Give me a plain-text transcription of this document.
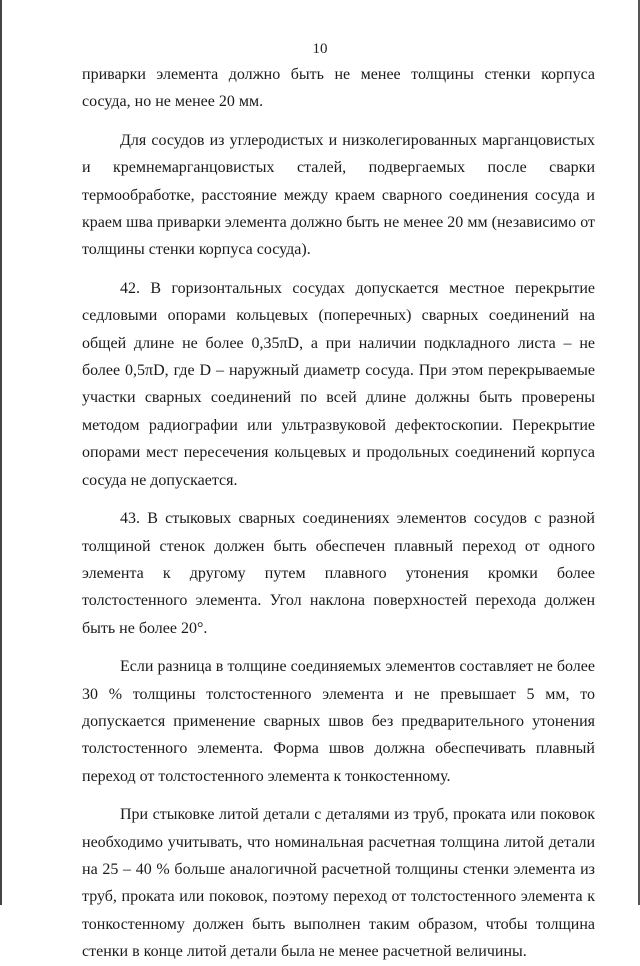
10

приварки элемента должно быть не менее толщины стенки корпуса сосуда, но не менее 20 мм.

Для сосудов из углеродистых и низколегированных марганцовистых и кремнемарганцовистых сталей, подвергаемых после сварки термообработке, расстояние между краем сварного соединения сосуда и краем шва приварки элемента должно быть не менее 20 мм (независимо от толщины стенки корпуса сосуда).

42. В горизонтальных сосудах допускается местное перекрытие седловыми опорами кольцевых (поперечных) сварных соединений на общей длине не более 0,35πD, а при наличии подкладного листа – не более 0,5πD, где D – наружный диаметр сосуда. При этом перекрываемые участки сварных соединений по всей длине должны быть проверены методом радиографии или ультразвуковой дефектоскопии. Перекрытие опорами мест пересечения кольцевых и продольных соединений корпуса сосуда не допускается.

43. В стыковых сварных соединениях элементов сосудов с разной толщиной стенок должен быть обеспечен плавный переход от одного элемента к другому путем плавного утонения кромки более толстостенного элемента. Угол наклона поверхностей перехода должен быть не более 20°.

Если разница в толщине соединяемых элементов составляет не более 30 % толщины толстостенного элемента и не превышает 5 мм, то допускается применение сварных швов без предварительного утонения толстостенного элемента. Форма швов должна обеспечивать плавный переход от толстостенного элемента к тонкостенному.

При стыковке литой детали с деталями из труб, проката или поковок необходимо учитывать, что номинальная расчетная толщина литой детали на 25 – 40 % больше аналогичной расчетной толщины стенки элемента из труб, проката или поковок, поэтому переход от толстостенного элемента к тонкостенному должен быть выполнен таким образом, чтобы толщина стенки в конце литой детали была не менее расчетной величины.
